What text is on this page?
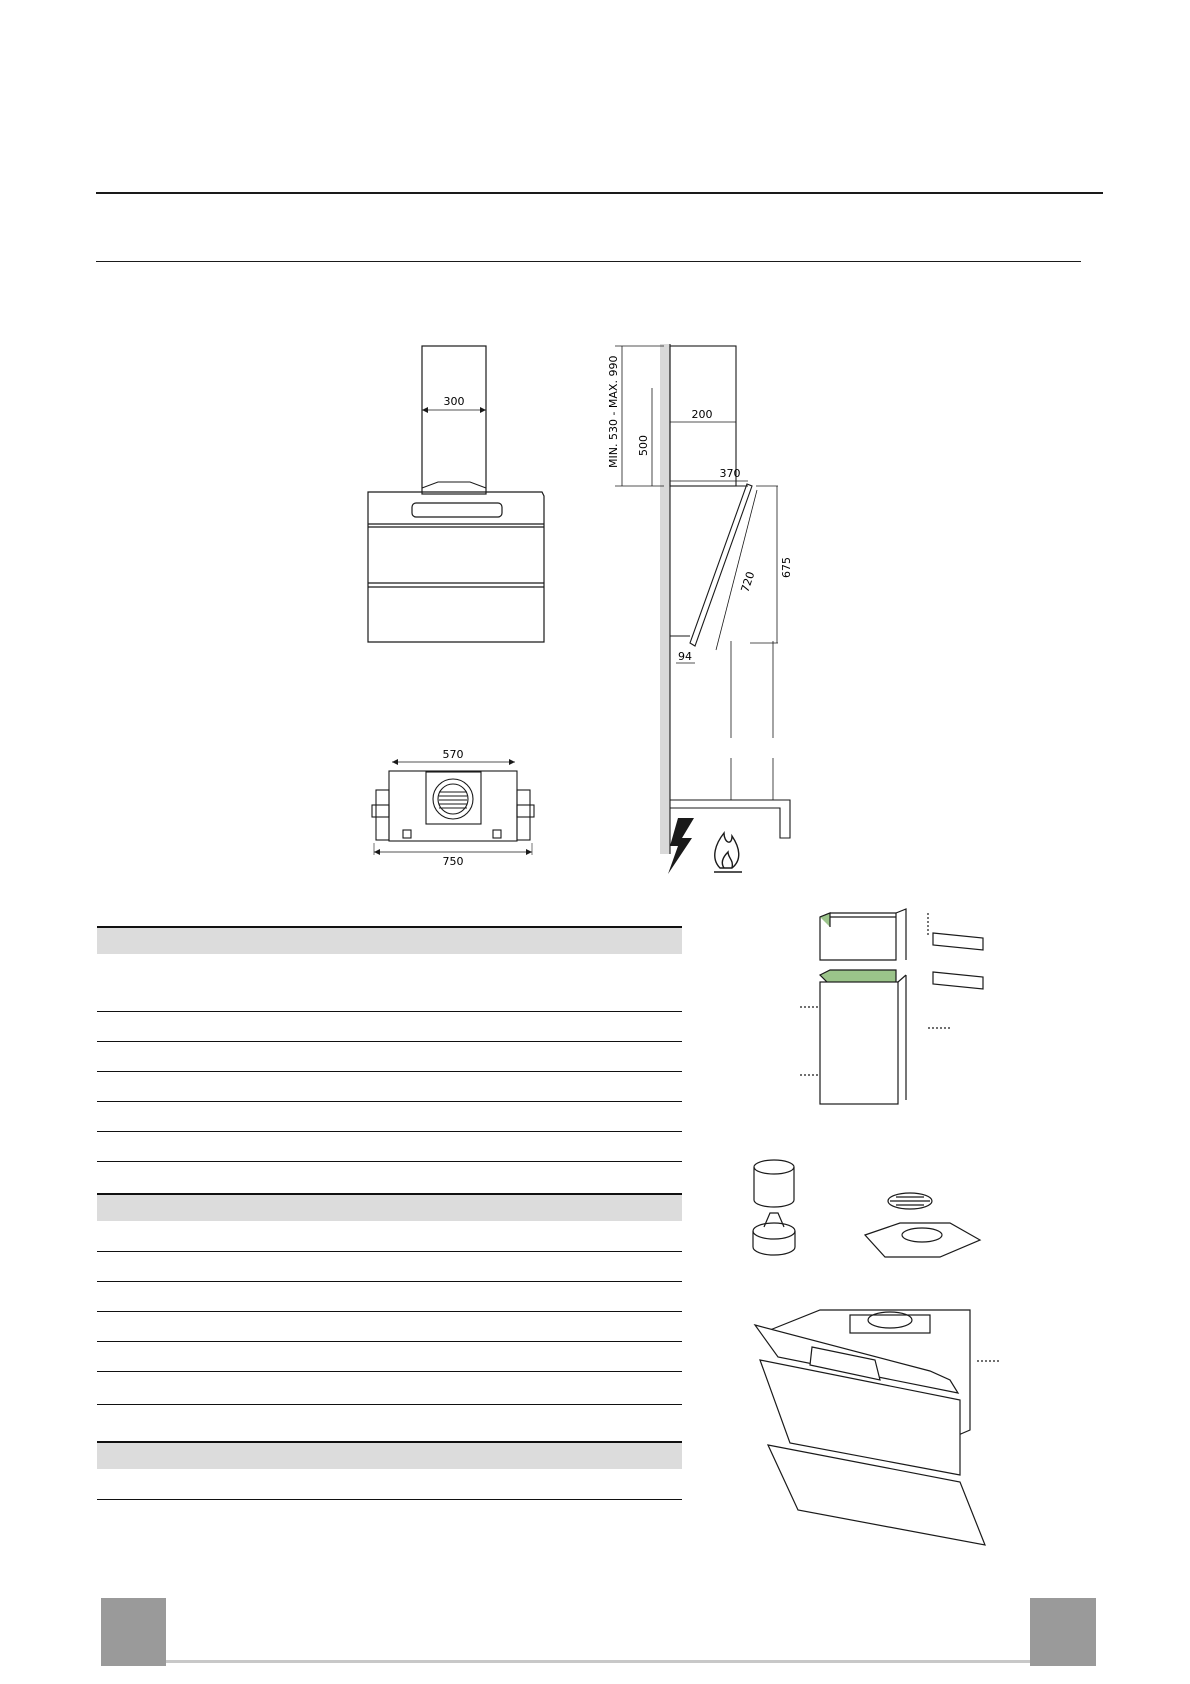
300
570
750
MIN. 530 - MAX. 990 500
200
370
720
675
94
